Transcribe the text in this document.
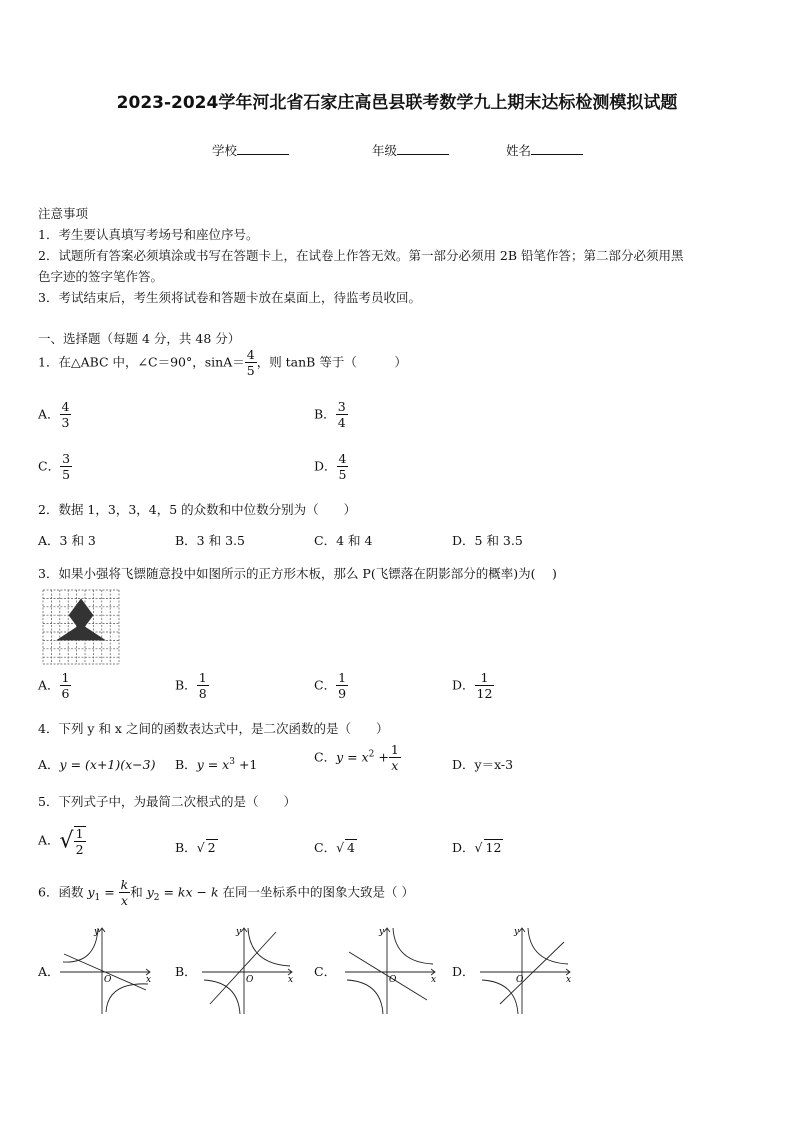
2023-2024学年河北省石家庄高邑县联考数学九上期末达标检测模拟试题
学校	年级	姓名
注意事项
1．考生要认真填写考场号和座位序号。
2．试题所有答案必须填涂或书写在答题卡上，在试卷上作答无效。第一部分必须用 2B 铅笔作答；第二部分必须用黑
色字迹的签字笔作答。
3．考试结束后，考生须将试卷和答题卡放在桌面上，待监考员收回。
一、选择题（每题 4 分，共 48 分）
1．在△ABC 中，∠C＝90°，$\sin A= \frac{4}{5}$ ，则 tanB 等于（　　　）
A． $\frac{4}{3}$	B． $\frac{3}{4}$
C． $\frac{3}{5}$	D． $\frac{4}{5}$
2．数据 1，3，3，4，5 的众数和中位数分别为（　　）
A．3 和 3	B．3 和 3.5	C．4 和 4	D．5 和 3.5
3．如果小强将飞镖随意投中如图所示的正方形木板，那么 P(飞镖落在阴影部分的概率)为(　 )
A． $\frac{1}{6}$	B． $\frac{1}{8}$	C． $\frac{1}{9}$	D． $\frac{1}{12}$
4．下列 y 和 x 之间的函数表达式中，是二次函数的是（　　）
A．y = (x+1)(x−3) B．$y = x^3 +1$	C．$y = x^2 + \frac{1}{x}$	D．y＝x-3
5．下列式子中，为最简二次根式的是（　　）
A．√ $\frac{1}{2}$	B．√ 2	C．√ 4	D．√ 12
6．函数 $y_1 = \frac{k}{x}$ 和 $y_2$ = kx − k 在同一坐标系中的图象大致是（ ）
A．
y
x
O
B．
y
x
O
C．
y
x
O
D．
y
x
O
